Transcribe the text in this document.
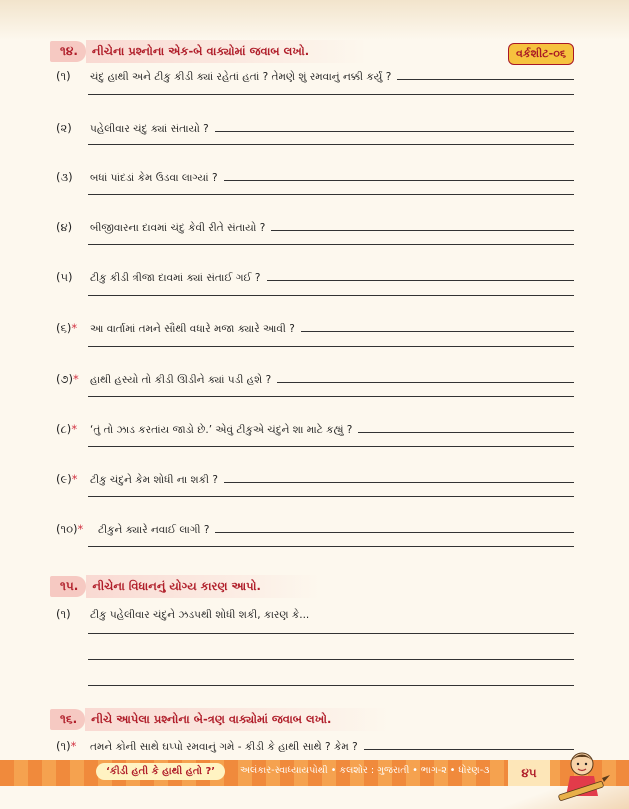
૧૪.	નીચેના પ્રશ્નોના એક-બે વાક્યોમાં જવાબ લખો.	વર્કશીટ-૦૬
(૧)	ચંદુ હાથી અને ટીકુ કીડી ક્યાં રહેતાં હતાં ? તેમણે શું રમવાનું નક્કી કર્યું ?
(૨)	પહેલીવાર ચંદુ ક્યાં સંતાયો ?
(૩)	બધાં પાંદડાં કેમ ઉડવા લાગ્યાં ?
(૪)	બીજીવારના દાવમાં ચંદુ કેવી રીતે સંતાયો ?
(૫)	ટીકુ કીડી ત્રીજા દાવમાં ક્યાં સંતાઈ ગઈ ?
(૬)*	આ વાર્તામાં તમને સૌથી વધારે મજા ક્યારે આવી ?
(૭)*	હાથી હસ્યો તો કીડી ઊડીને ક્યાં પડી હશે ?
(૮)*	‘તું તો ઝાડ કરતાંય જાડો છે.’ એવું ટીકુએ ચંદુને શા માટે કહ્યું ?
(૯)*	ટીકુ ચંદુને કેમ શોધી ના શકી ?
(૧૦)*	ટીકુને ક્યારે નવાઈ લાગી ?
૧૫.	નીચેના વિધાનનું યોગ્ય કારણ આપો.
(૧)	ટીકુ પહેલીવાર ચંદુને ઝડપથી શોધી શકી, કારણ કે...
૧૬.	નીચે આપેલા પ્રશ્નોના બે-ત્રણ વાક્યોમાં જવાબ લખો.
(૧)*	તમને કોની સાથે ઘપ્પો રમવાનું ગમે - કીડી કે હાથી સાથે ? કેમ ?
‘કીડી હતી કે હાથી હતો ?’	અલંકાર-સ્વાધ્યાયપોથી • કલશોર : ગુજરાતી • ભાગ-૨ • ધોરણ-૩	૪૫
